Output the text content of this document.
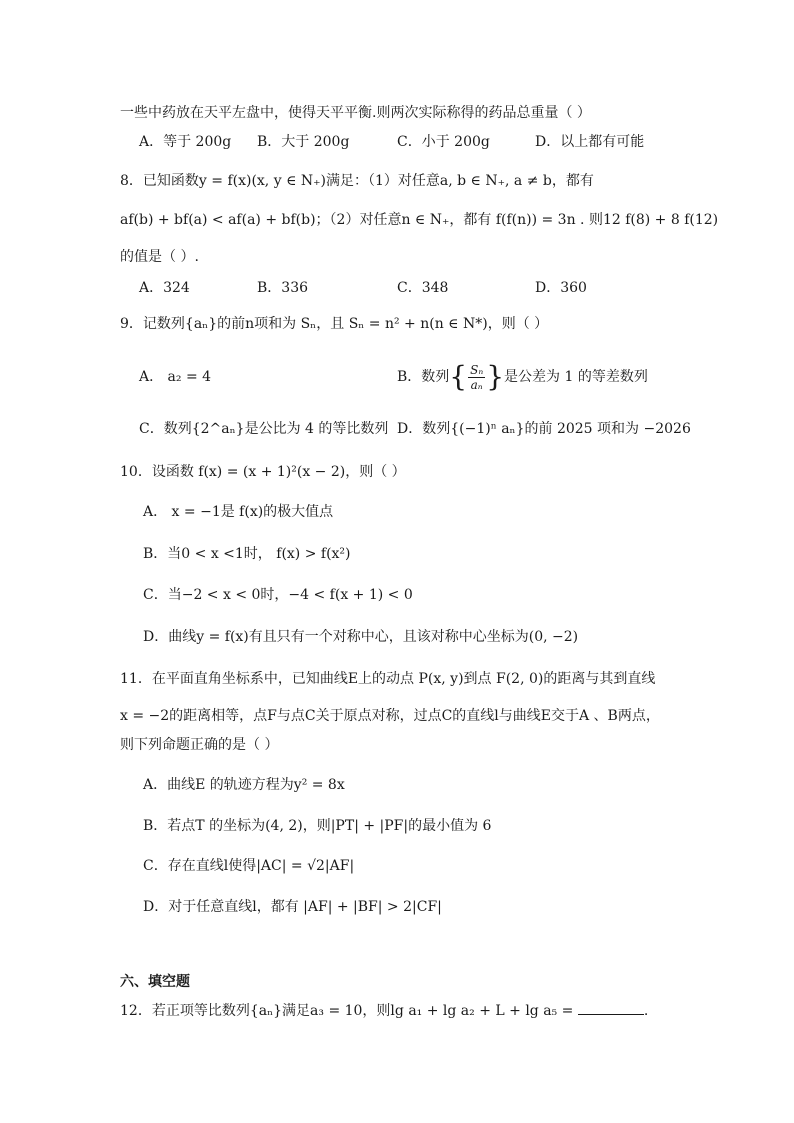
一些中药放在天平左盘中，使得天平平衡.则两次实际称得的药品总重量（ ）
A．等于 200g B．大于 200g	C．小于 200g	D．以上都有可能
8．已知函数y = f(x)(x, y ∈ N₊)满足：（1）对任意a, b ∈ N₊, a ≠ b，都有
af(b) + bf(a) < af(a) + bf(b)；（2）对任意n ∈ N₊，都有 f(f(n)) = 3n . 则12 f(8) + 8 f(12)
的值是（ ）.
A．324	B．336	C．348	D．360
9．记数列{aₙ}的前n项和为 Sₙ，且 Sₙ = n² + n(n ∈ N*)，则（ ）
A． a₂ = 4	B．数列{ $\frac{\text{Sₙ}}{\text{aₙ}}$ }是公差为 1 的等差数列
C．数列{2^aₙ}是公比为 4 的等比数列 D．数列{(−1)ⁿ aₙ}的前 2025 项和为 −2026
10．设函数 f(x) = (x + 1)²(x − 2)，则（ ）
A． x = −1是 f(x)的极大值点
B．当0 < x <1时， f(x) > f(x²)
C．当−2 < x < 0时，−4 < f(x + 1) < 0
D．曲线y = f(x)有且只有一个对称中心，且该对称中心坐标为(0, −2)
11．在平面直角坐标系中，已知曲线E上的动点 P(x, y)到点 F(2, 0)的距离与其到直线
x = −2的距离相等，点F与点C关于原点对称，过点C的直线l与曲线E交于A 、B两点，
则下列命题正确的是（ ）
A．曲线E 的轨迹方程为y² = 8x
B．若点T 的坐标为(4, 2)，则|PT| + |PF|的最小值为 6
C．存在直线l使得|AC| = √2|AF|
D．对于任意直线l，都有 |AF| + |BF| > 2|CF|
六、填空题
12．若正项等比数列{aₙ}满足a₃ = 10，则lg a₁ + lg a₂ + L + lg a₅ =	.
